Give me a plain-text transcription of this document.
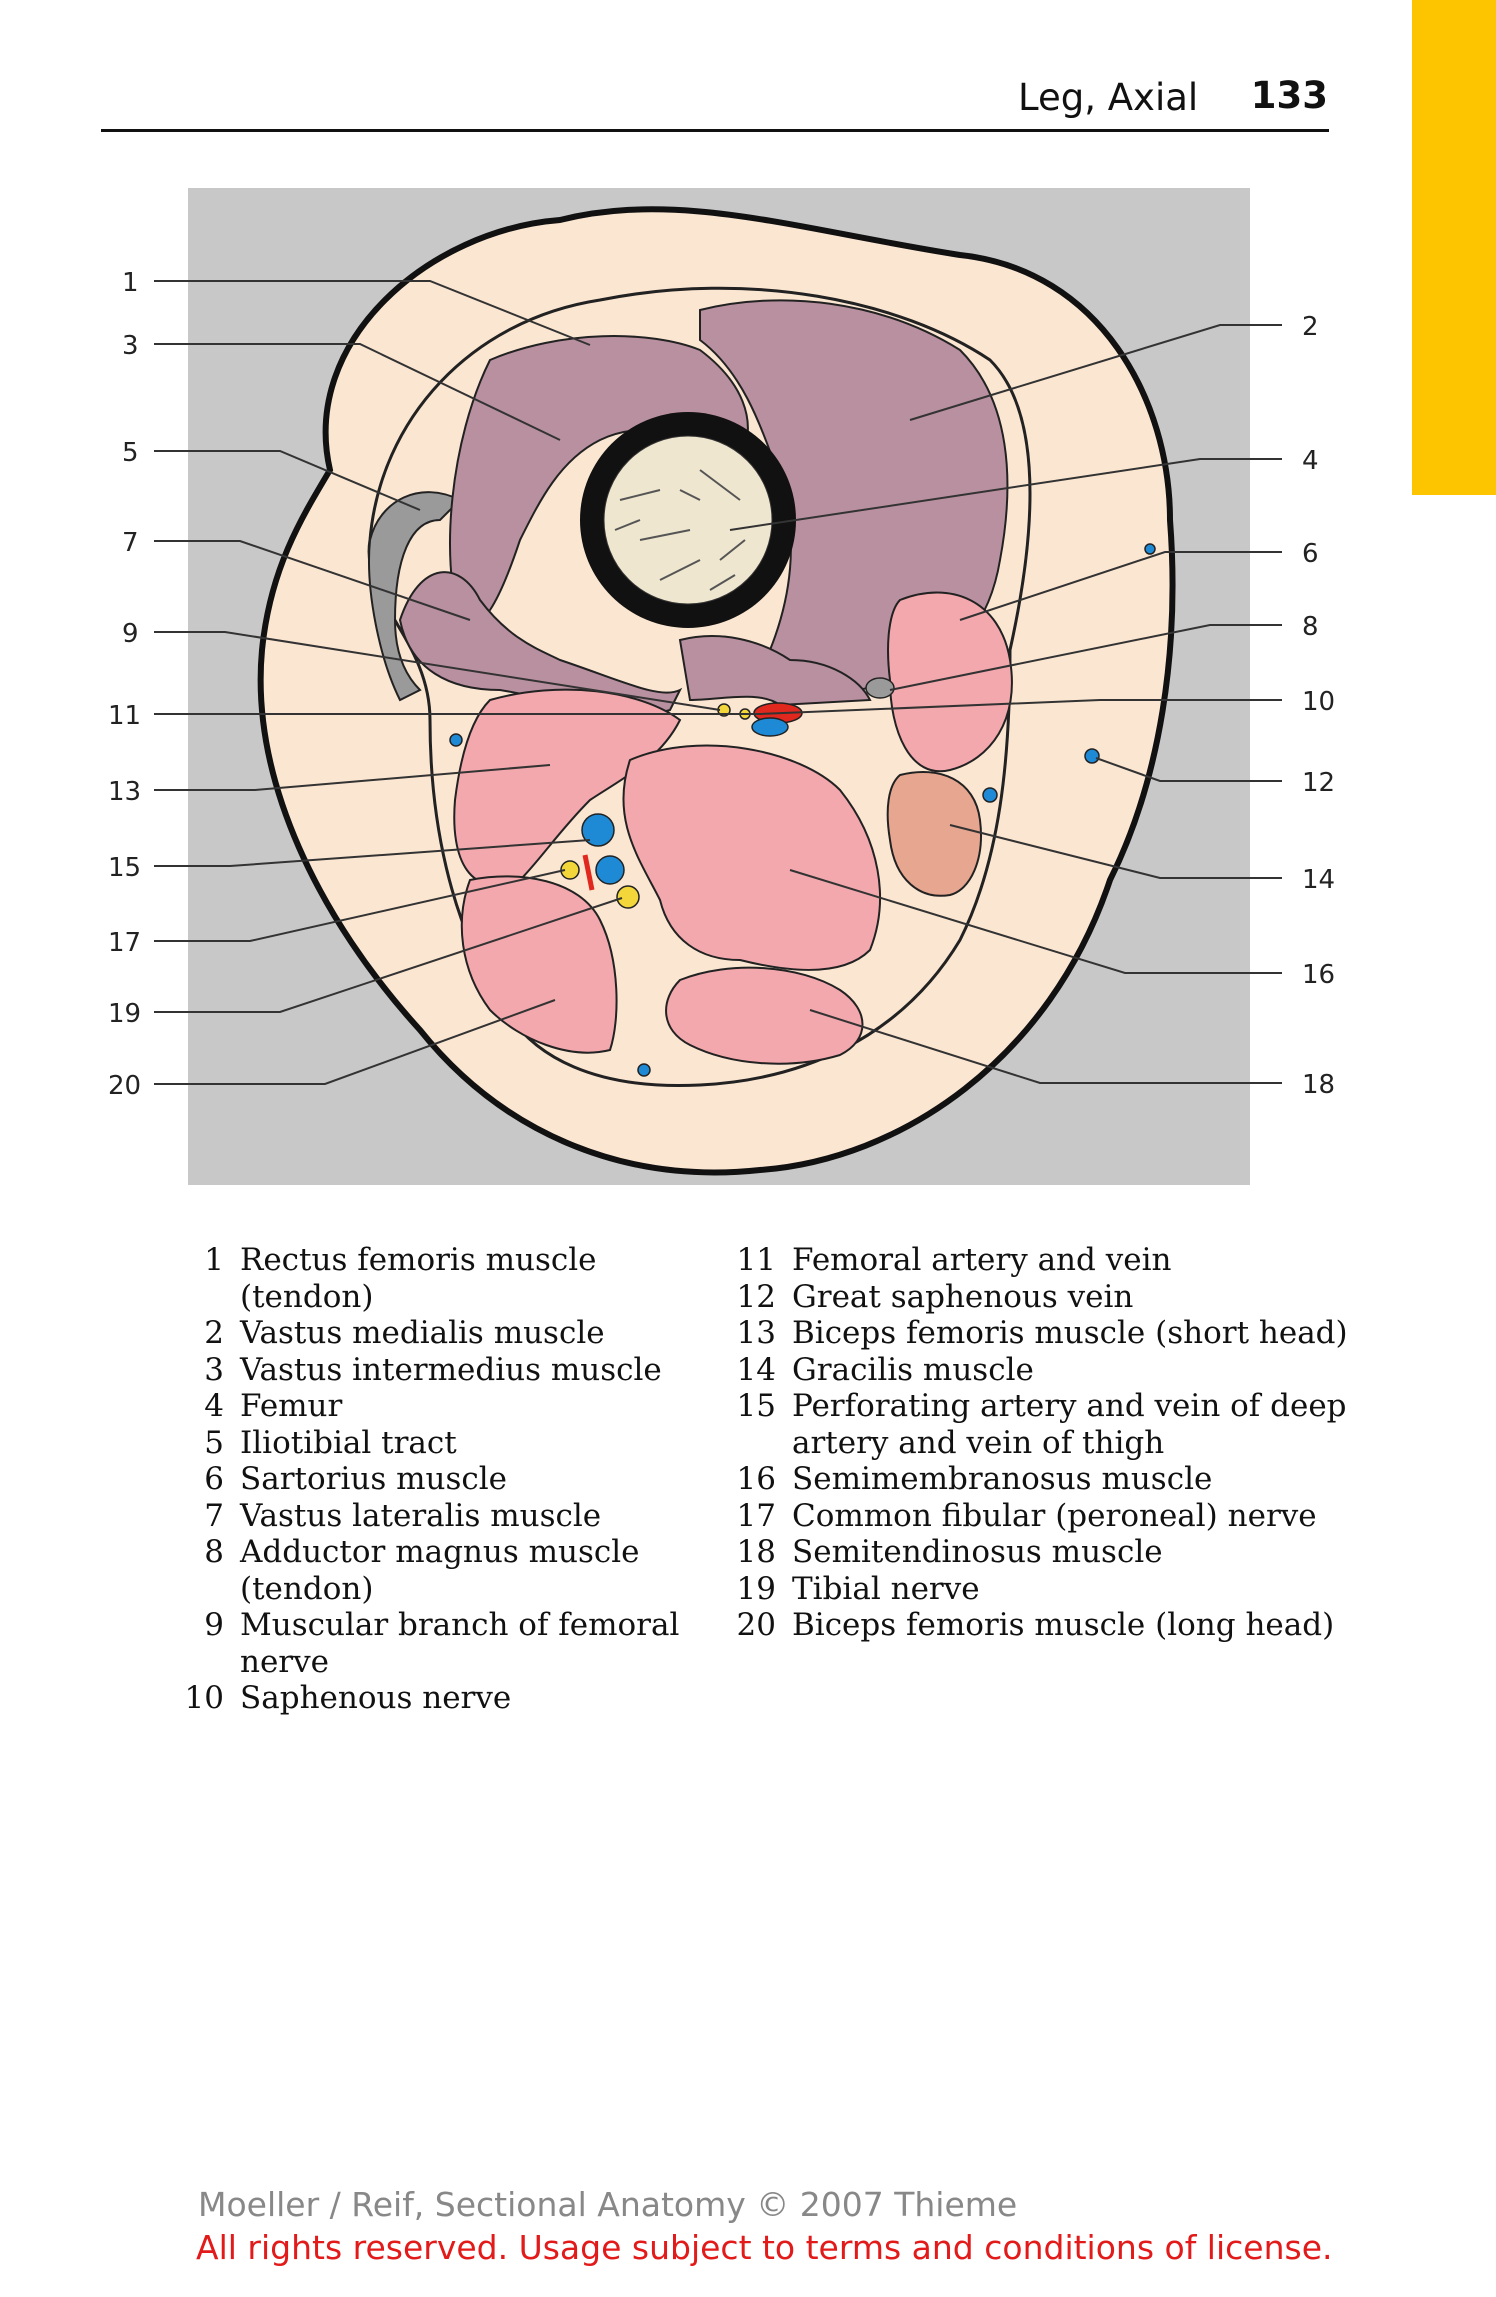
Leg, Axial 133
1
3
5
7
9
11
13
15
17
19
20
2
4
6
8
10
12
14
16
18
1 Rectus femoris muscle (tendon)
2 Vastus medialis muscle
3 Vastus intermedius muscle
4 Femur
5 Iliotibial tract
6 Sartorius muscle
7 Vastus lateralis muscle
8 Adductor magnus muscle (tendon)
9 Muscular branch of femoral nerve
10 Saphenous nerve
11 Femoral artery and vein
12 Great saphenous vein
13 Biceps femoris muscle (short head)
14 Gracilis muscle
15 Perforating artery and vein of deep artery and vein of thigh
16 Semimembranosus muscle
17 Common fibular (peroneal) nerve
18 Semitendinosus muscle
19 Tibial nerve
20 Biceps femoris muscle (long head)
Moeller / Reif, Sectional Anatomy © 2007 Thieme
All rights reserved. Usage subject to terms and conditions of license.
